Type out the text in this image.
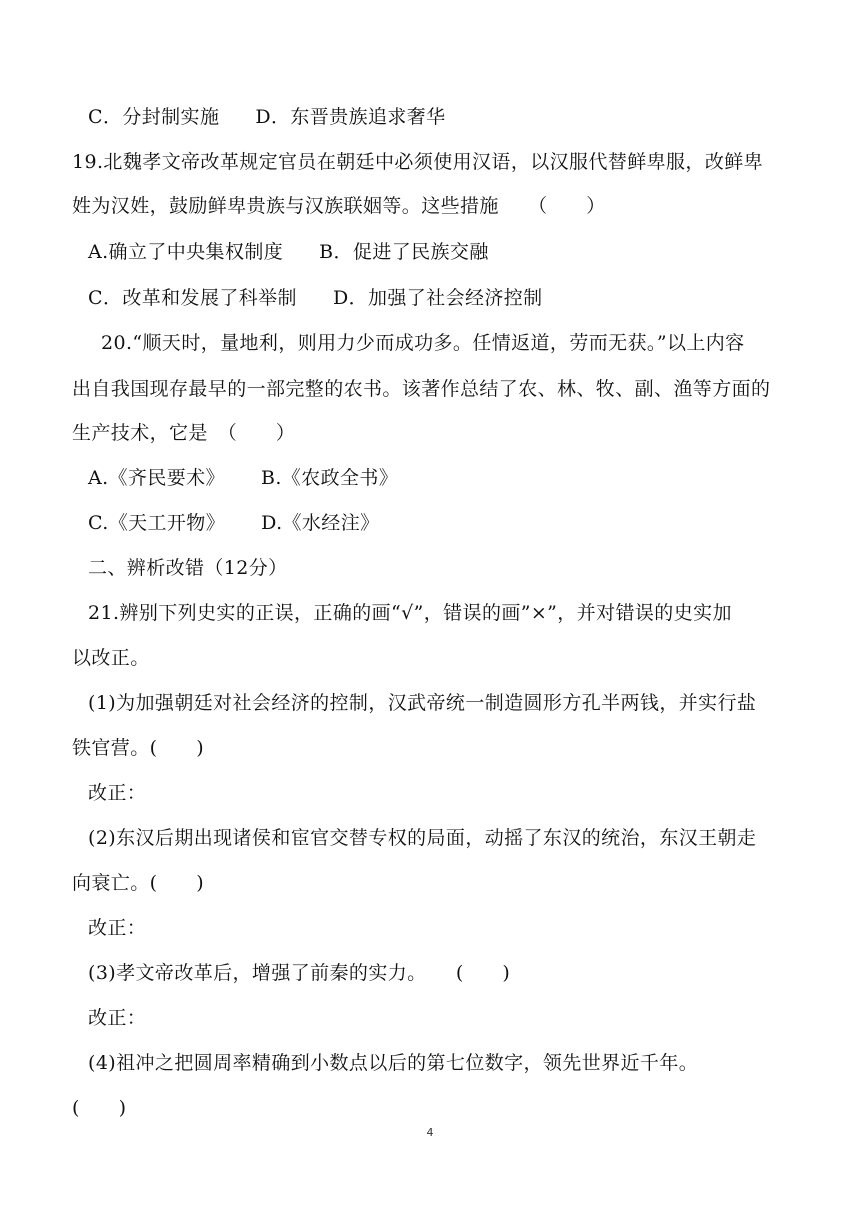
C．分封制实施 D．东晋贵族追求奢华
19.北魏孝文帝改革规定官员在朝廷中必须使用汉语，以汉服代替鲜卑服，改鲜卑
姓为汉姓，鼓励鲜卑贵族与汉族联姻等。这些措施　　（　　）
A.确立了中央集权制度 B．促进了民族交融
C．改革和发展了科举制 D．加强了社会经济控制
20.“顺天时，量地利，则用力少而成功多。任情返道，劳而无获。”以上内容
出自我国现存最早的一部完整的农书。该著作总结了农、林、牧、副、渔等方面的
生产技术，它是　（　　）
A.《齐民要术》 B.《农政全书》
C.《天工开物》 D.《水经注》
二、辨析改错（12分）
21.辨别下列史实的正误，正确的画“√”，错误的画”×”，并对错误的史实加
以改正。
(1)为加强朝廷对社会经济的控制，汉武帝统一制造圆形方孔半两钱，并实行盐
铁官营。(　　)
改正：
(2)东汉后期出现诸侯和宦官交替专权的局面，动摇了东汉的统治，东汉王朝走
向衰亡。(　　)
改正：
(3)孝文帝改革后，增强了前秦的实力。　　(　　)
改正：
(4)祖冲之把圆周率精确到小数点以后的第七位数字，领先世界近千年。
(　　)
4
